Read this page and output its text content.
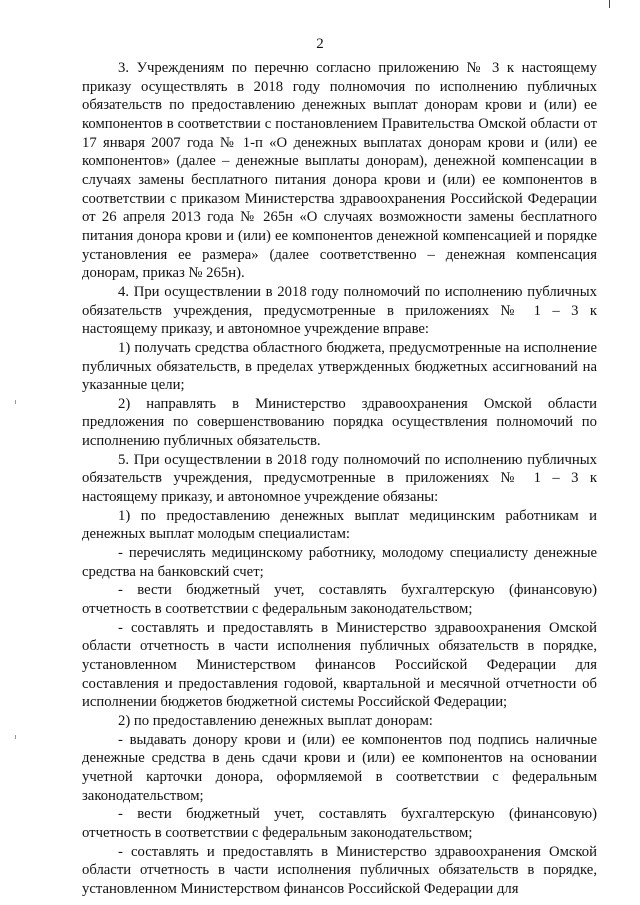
2

3. Учреждениям по перечню согласно приложению № 3 к настоящему приказу осуществлять в 2018 году полномочия по исполнению публичных обязательств по предоставлению денежных выплат донорам крови и (или) ее компонентов в соответствии с постановлением Правительства Омской области от 17 января 2007 года № 1-п «О денежных выплатах донорам крови и (или) ее компонентов» (далее – денежные выплаты донорам), денежной компенсации в случаях замены бесплатного питания донора крови и (или) ее компонентов в соответствии с приказом Министерства здравоохранения Российской Федерации от 26 апреля 2013 года № 265н «О случаях возможности замены бесплатного питания донора крови и (или) ее компонентов денежной компенсацией и порядке установления ее размера» (далее соответственно – денежная компенсация донорам, приказ № 265н).

4. При осуществлении в 2018 году полномочий по исполнению публичных обязательств учреждения, предусмотренные в приложениях № 1 – 3 к настоящему приказу, и автономное учреждение вправе:

1) получать средства областного бюджета, предусмотренные на исполнение публичных обязательств, в пределах утвержденных бюджетных ассигнований на указанные цели;

2) направлять в Министерство здравоохранения Омской области предложения по совершенствованию порядка осуществления полномочий по исполнению публичных обязательств.

5. При осуществлении в 2018 году полномочий по исполнению публичных обязательств учреждения, предусмотренные в приложениях № 1 – 3 к настоящему приказу, и автономное учреждение обязаны:

1) по предоставлению денежных выплат медицинским работникам и денежных выплат молодым специалистам:

- перечислять медицинскому работнику, молодому специалисту денежные средства на банковский счет;

- вести бюджетный учет, составлять бухгалтерскую (финансовую) отчетность в соответствии с федеральным законодательством;

- составлять и предоставлять в Министерство здравоохранения Омской области отчетность в части исполнения публичных обязательств в порядке, установленном Министерством финансов Российской Федерации для составления и предоставления годовой, квартальной и месячной отчетности об исполнении бюджетов бюджетной системы Российской Федерации;

2) по предоставлению денежных выплат донорам:

- выдавать донору крови и (или) ее компонентов под подпись наличные денежные средства в день сдачи крови и (или) ее компонентов на основании учетной карточки донора, оформляемой в соответствии с федеральным законодательством;

- вести бюджетный учет, составлять бухгалтерскую (финансовую) отчетность в соответствии с федеральным законодательством;

- составлять и предоставлять в Министерство здравоохранения Омской области отчетность в части исполнения публичных обязательств в порядке, установленном Министерством финансов Российской Федерации для
